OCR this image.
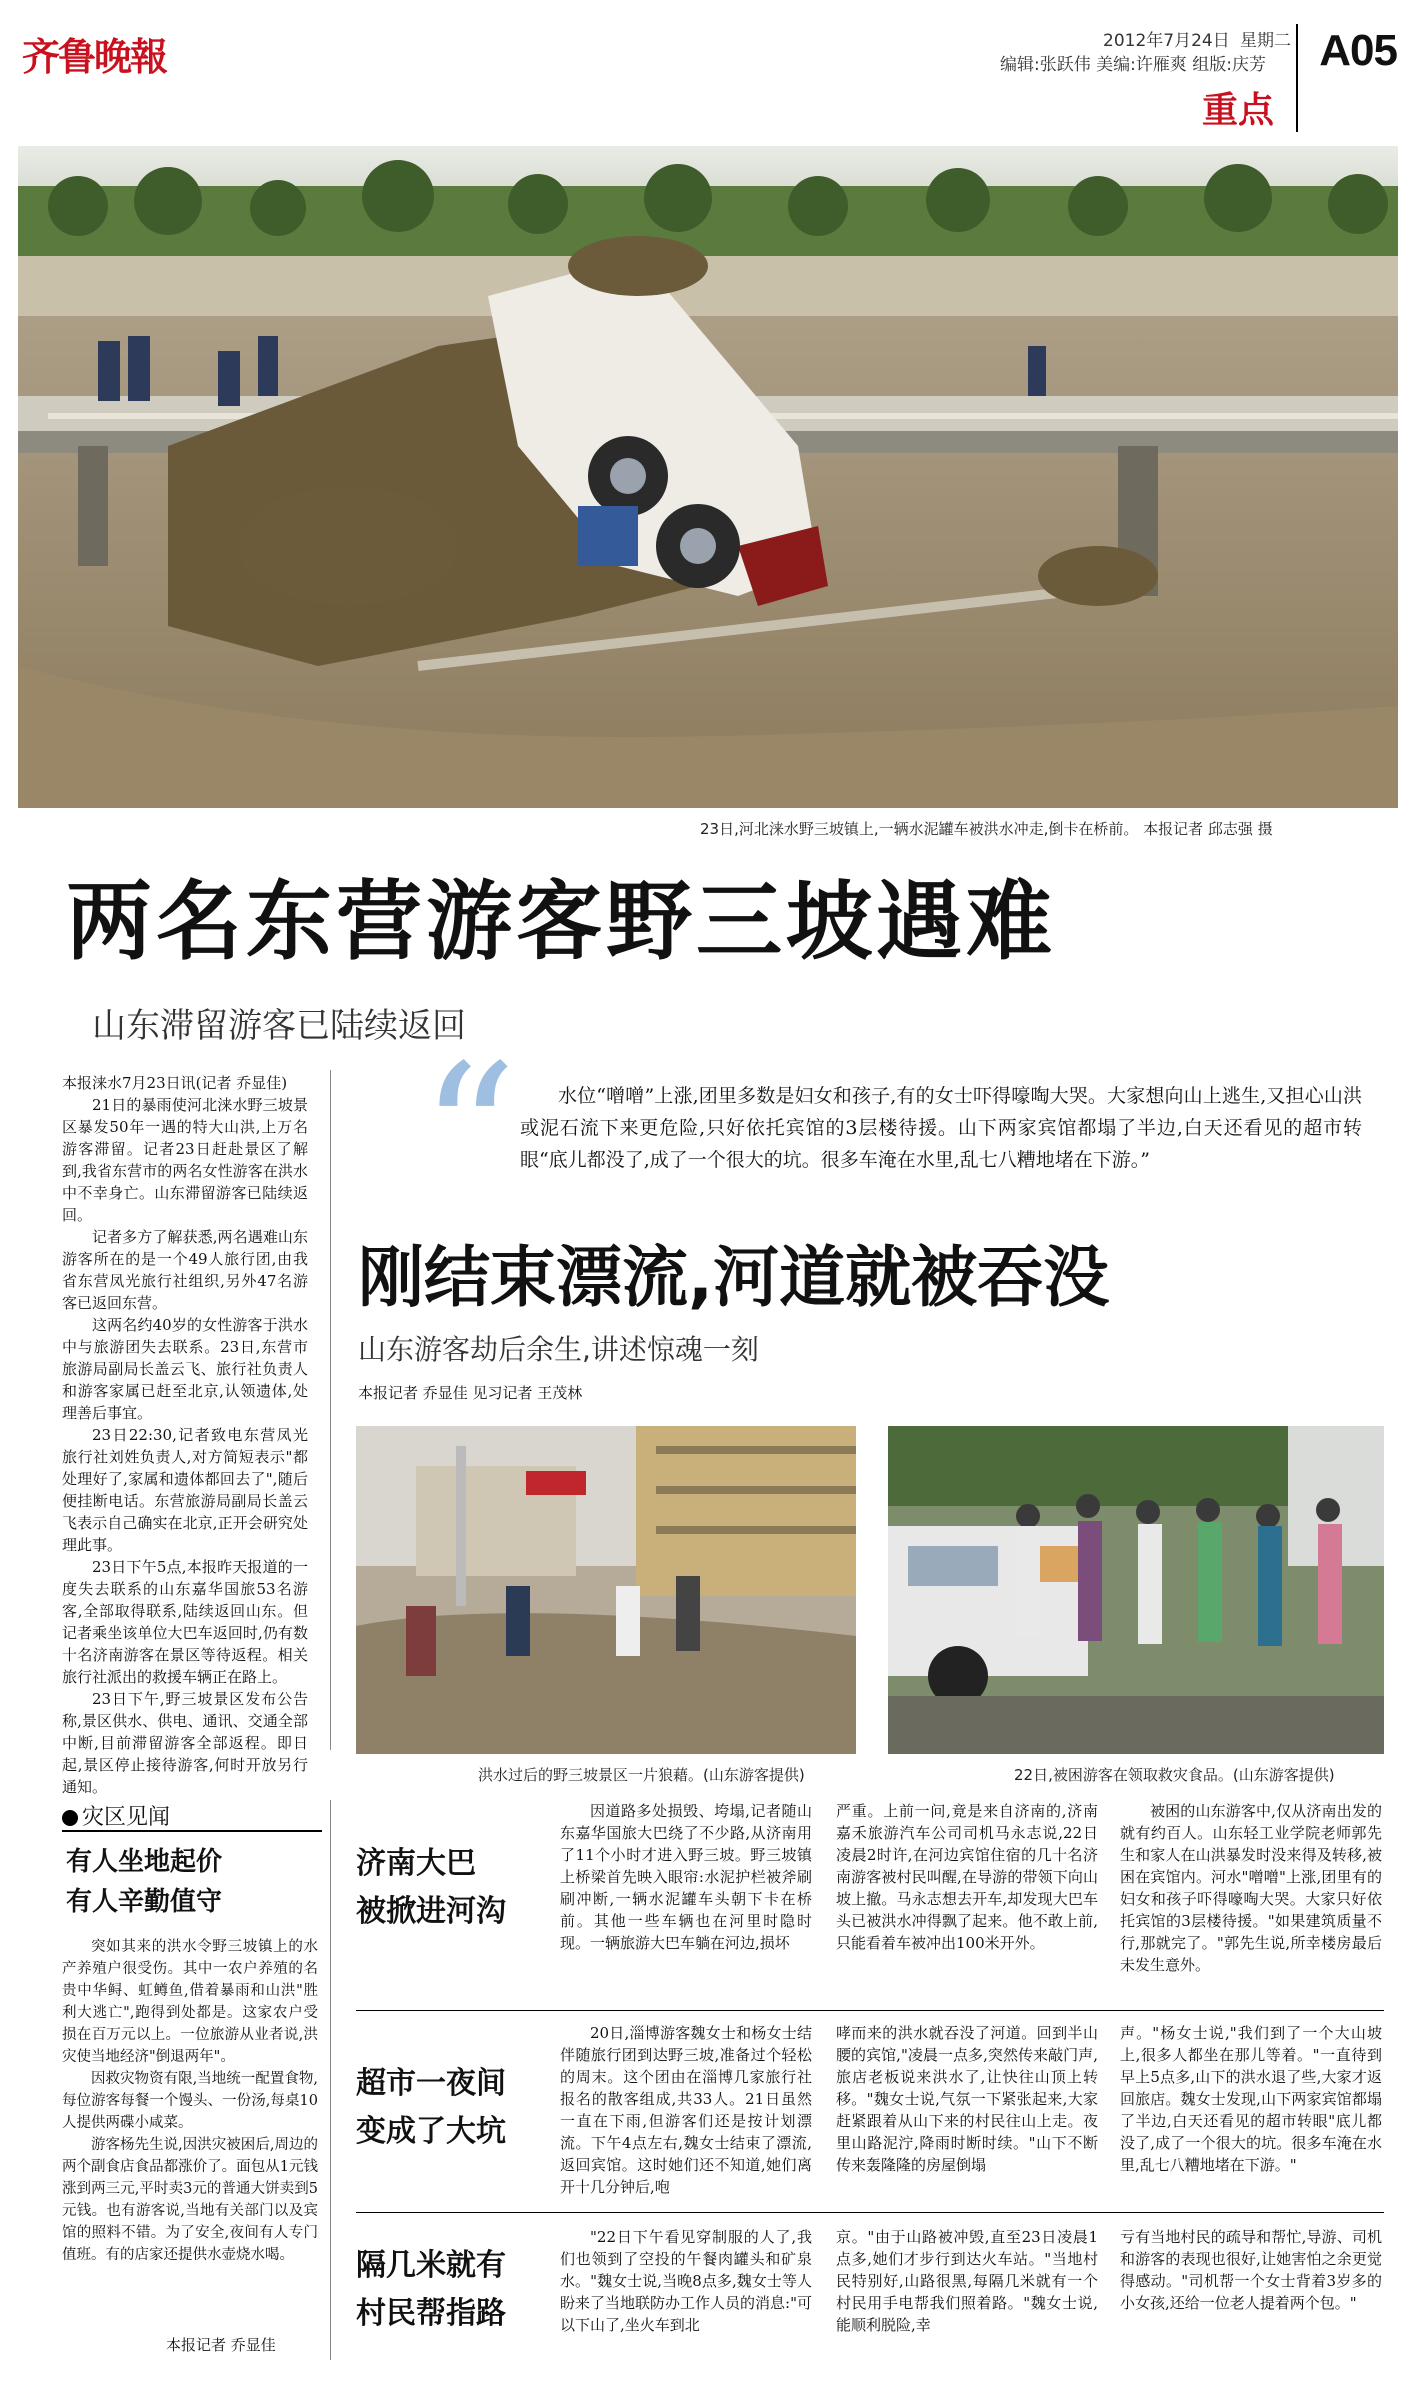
齐鲁晚報	2012年7月24日 星期二
编辑:张跃伟 美编:许雁爽 组版:庆芳 A05
重点
23日,河北涞水野三坡镇上,一辆水泥罐车被洪水冲走,倒卡在桥前。 本报记者 邱志强 摄
两名东营游客野三坡遇难
山东滞留游客已陆续返回

本报涞水7月23日讯(记者 乔显佳)

21日的暴雨使河北涞水野三坡景区暴发50年一遇的特大山洪,上万名游客滞留。记者23日赶赴景区了解到,我省东营市的两名女性游客在洪水中不幸身亡。山东滞留游客已陆续返回。

记者多方了解获悉,两名遇难山东游客所在的是一个49人旅行团,由我省东营凤光旅行社组织,另外47名游客已返回东营。

这两名约40岁的女性游客于洪水中与旅游团失去联系。23日,东营市旅游局副局长盖云飞、旅行社负责人和游客家属已赶至北京,认领遗体,处理善后事宜。

23日22:30,记者致电东营凤光旅行社刘姓负责人,对方简短表示"都处理好了,家属和遗体都回去了",随后便挂断电话。东营旅游局副局长盖云飞表示自己确实在北京,正开会研究处理此事。

23日下午5点,本报昨天报道的一度失去联系的山东嘉华国旅53名游客,全部取得联系,陆续返回山东。但记者乘坐该单位大巴车返回时,仍有数十名济南游客在景区等待返程。相关旅行社派出的救援车辆正在路上。

23日下午,野三坡景区发布公告称,景区供水、供电、通讯、交通全部中断,目前滞留游客全部返程。即日起,景区停止接待游客,何时开放另行通知。

“	水位“噌噌”上涨,团里多数是妇女和孩子,有的女士吓得嚎啕大哭。大家想向山上逃生,又担心山洪或泥石流下来更危险,只好依托宾馆的3层楼待援。山下两家宾馆都塌了半边,白天还看见的超市转眼“底儿都没了,成了一个很大的坑。很多车淹在水里,乱七八糟地堵在下游。”

刚结束漂流,河道就被吞没
山东游客劫后余生,讲述惊魂一刻
本报记者 乔显佳 见习记者 王茂林
洪水过后的野三坡景区一片狼藉。(山东游客提供)	22日,被困游客在领取救灾食品。(山东游客提供)
灾区见闻
有人坐地起价
有人辛勤值守

突如其来的洪水令野三坡镇上的水产养殖户很受伤。其中一农户养殖的名贵中华鲟、虹鳟鱼,借着暴雨和山洪"胜利大逃亡",跑得到处都是。这家农户受损在百万元以上。一位旅游从业者说,洪灾使当地经济"倒退两年"。

因救灾物资有限,当地统一配置食物,每位游客每餐一个馒头、一份汤,每桌10人提供两碟小咸菜。

游客杨先生说,因洪灾被困后,周边的两个副食店食品都涨价了。面包从1元钱涨到两三元,平时卖3元的普通大饼卖到5元钱。也有游客说,当地有关部门以及宾馆的照料不错。为了安全,夜间有人专门值班。有的店家还提供水壶烧水喝。

本报记者 乔显佳
济南大巴
被掀进河沟

因道路多处损毁、垮塌,记者随山东嘉华国旅大巴绕了不少路,从济南用了11个小时才进入野三坡。野三坡镇上桥梁首先映入眼帘:水泥护栏被斧刷刷冲断,一辆水泥罐车头朝下卡在桥前。其他一些车辆也在河里时隐时现。一辆旅游大巴车躺在河边,损坏

严重。上前一问,竟是来自济南的,济南嘉禾旅游汽车公司司机马永志说,22日凌晨2时许,在河边宾馆住宿的几十名济南游客被村民叫醒,在导游的带领下向山坡上撤。马永志想去开车,却发现大巴车头已被洪水冲得飘了起来。他不敢上前,只能看着车被冲出100米开外。

被困的山东游客中,仅从济南出发的就有约百人。山东轻工业学院老师郭先生和家人在山洪暴发时没来得及转移,被困在宾馆内。河水"噌噌"上涨,团里有的妇女和孩子吓得嚎啕大哭。大家只好依托宾馆的3层楼待援。"如果建筑质量不行,那就完了。"郭先生说,所幸楼房最后未发生意外。

超市一夜间
变成了大坑

20日,淄博游客魏女士和杨女士结伴随旅行团到达野三坡,准备过个轻松的周末。这个团由在淄博几家旅行社报名的散客组成,共33人。21日虽然一直在下雨,但游客们还是按计划漂流。下午4点左右,魏女士结束了漂流,返回宾馆。这时她们还不知道,她们离开十几分钟后,咆

哮而来的洪水就吞没了河道。回到半山腰的宾馆,"凌晨一点多,突然传来敲门声,旅店老板说来洪水了,让快往山顶上转移。"魏女士说,气氛一下紧张起来,大家赶紧跟着从山下来的村民往山上走。夜里山路泥泞,降雨时断时续。"山下不断传来轰隆隆的房屋倒塌

声。"杨女士说,"我们到了一个大山坡上,很多人都坐在那儿等着。"一直待到早上5点多,山下的洪水退了些,大家才返回旅店。魏女士发现,山下两家宾馆都塌了半边,白天还看见的超市转眼"底儿都没了,成了一个很大的坑。很多车淹在水里,乱七八糟地堵在下游。"

隔几米就有
村民帮指路

"22日下午看见穿制服的人了,我们也领到了空投的午餐肉罐头和矿泉水。"魏女士说,当晚8点多,魏女士等人盼来了当地联防办工作人员的消息:"可以下山了,坐火车到北

京。"由于山路被冲毁,直至23日凌晨1点多,她们才步行到达火车站。"当地村民特别好,山路很黑,每隔几米就有一个村民用手电帮我们照着路。"魏女士说,能顺利脱险,幸

亏有当地村民的疏导和帮忙,导游、司机和游客的表现也很好,让她害怕之余更觉得感动。"司机帮一个女士背着3岁多的小女孩,还给一位老人提着两个包。"
